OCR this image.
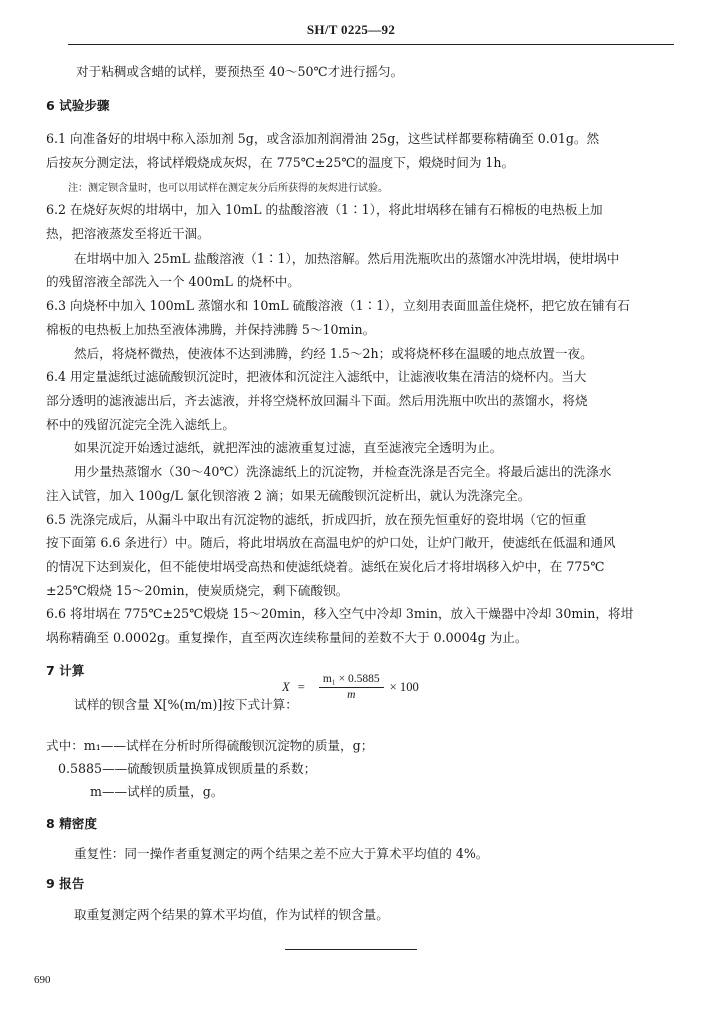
SH/T 0225—92
对于粘稠或含蜡的试样，要预热至 40～50℃才进行摇匀。
6 试验步骤
6.1 向准备好的坩埚中称入添加剂 5g，或含添加剂润滑油 25g，这些试样都要称精确至 0.01g。然
后按灰分测定法，将试样煅烧成灰烬，在 775℃±25℃的温度下，煅烧时间为 1h。
注：测定钡含量时，也可以用试样在测定灰分后所获得的灰烬进行试验。
6.2 在烧好灰烬的坩埚中，加入 10mL 的盐酸溶液（1∶1），将此坩埚移在铺有石棉板的电热板上加
热，把溶液蒸发至将近干涸。
在坩埚中加入 25mL 盐酸溶液（1∶1），加热溶解。然后用洗瓶吹出的蒸馏水冲洗坩埚，使坩埚中
的残留溶液全部洗入一个 400mL 的烧杯中。
6.3 向烧杯中加入 100mL 蒸馏水和 10mL 硫酸溶液（1∶1），立刻用表面皿盖住烧杯，把它放在铺有石
棉板的电热板上加热至液体沸腾，并保持沸腾 5～10min。
然后，将烧杯微热，使液体不达到沸腾，约经 1.5～2h；或将烧杯移在温暖的地点放置一夜。
6.4 用定量滤纸过滤硫酸钡沉淀时，把液体和沉淀注入滤纸中，让滤液收集在清洁的烧杯内。当大
部分透明的滤液滤出后，齐去滤液，并将空烧杯放回漏斗下面。然后用洗瓶中吹出的蒸馏水，将烧
杯中的残留沉淀完全洗入滤纸上。
如果沉淀开始透过滤纸，就把浑浊的滤液重复过滤，直至滤液完全透明为止。
用少量热蒸馏水（30～40℃）洗涤滤纸上的沉淀物，并检查洗涤是否完全。将最后滤出的洗涤水
注入试管，加入 100g/L 氯化钡溶液 2 滴；如果无硫酸钡沉淀析出，就认为洗涤完全。
6.5 洗涤完成后，从漏斗中取出有沉淀物的滤纸，折成四折，放在预先恒重好的瓷坩埚（它的恒重
按下面第 6.6 条进行）中。随后，将此坩埚放在高温电炉的炉口处，让炉门敞开，使滤纸在低温和通风
的情况下达到炭化，但不能使坩埚受高热和使滤纸烧着。滤纸在炭化后才将坩埚移入炉中，在 775℃
±25℃煅烧 15～20min，使炭质烧完，剩下硫酸钡。
6.6 将坩埚在 775℃±25℃煅烧 15～20min，移入空气中冷却 3min，放入干燥器中冷却 30min，将坩
埚称精确至 0.0002g。重复操作，直至两次连续称量间的差数不大于 0.0004g 为止。
7 计算
试样的钡含量 X[%(m/m)]按下式计算：
$X = \frac{\text{m₁ × 0.5885}}{m} \times 100$
式中：m₁——试样在分析时所得硫酸钡沉淀物的质量，g；
0.5885——硫酸钡质量换算成钡质量的系数；
m——试样的质量，g。
8 精密度
重复性：同一操作者重复测定的两个结果之差不应大于算术平均值的 4%。
9 报告
取重复测定两个结果的算术平均值，作为试样的钡含量。
690
